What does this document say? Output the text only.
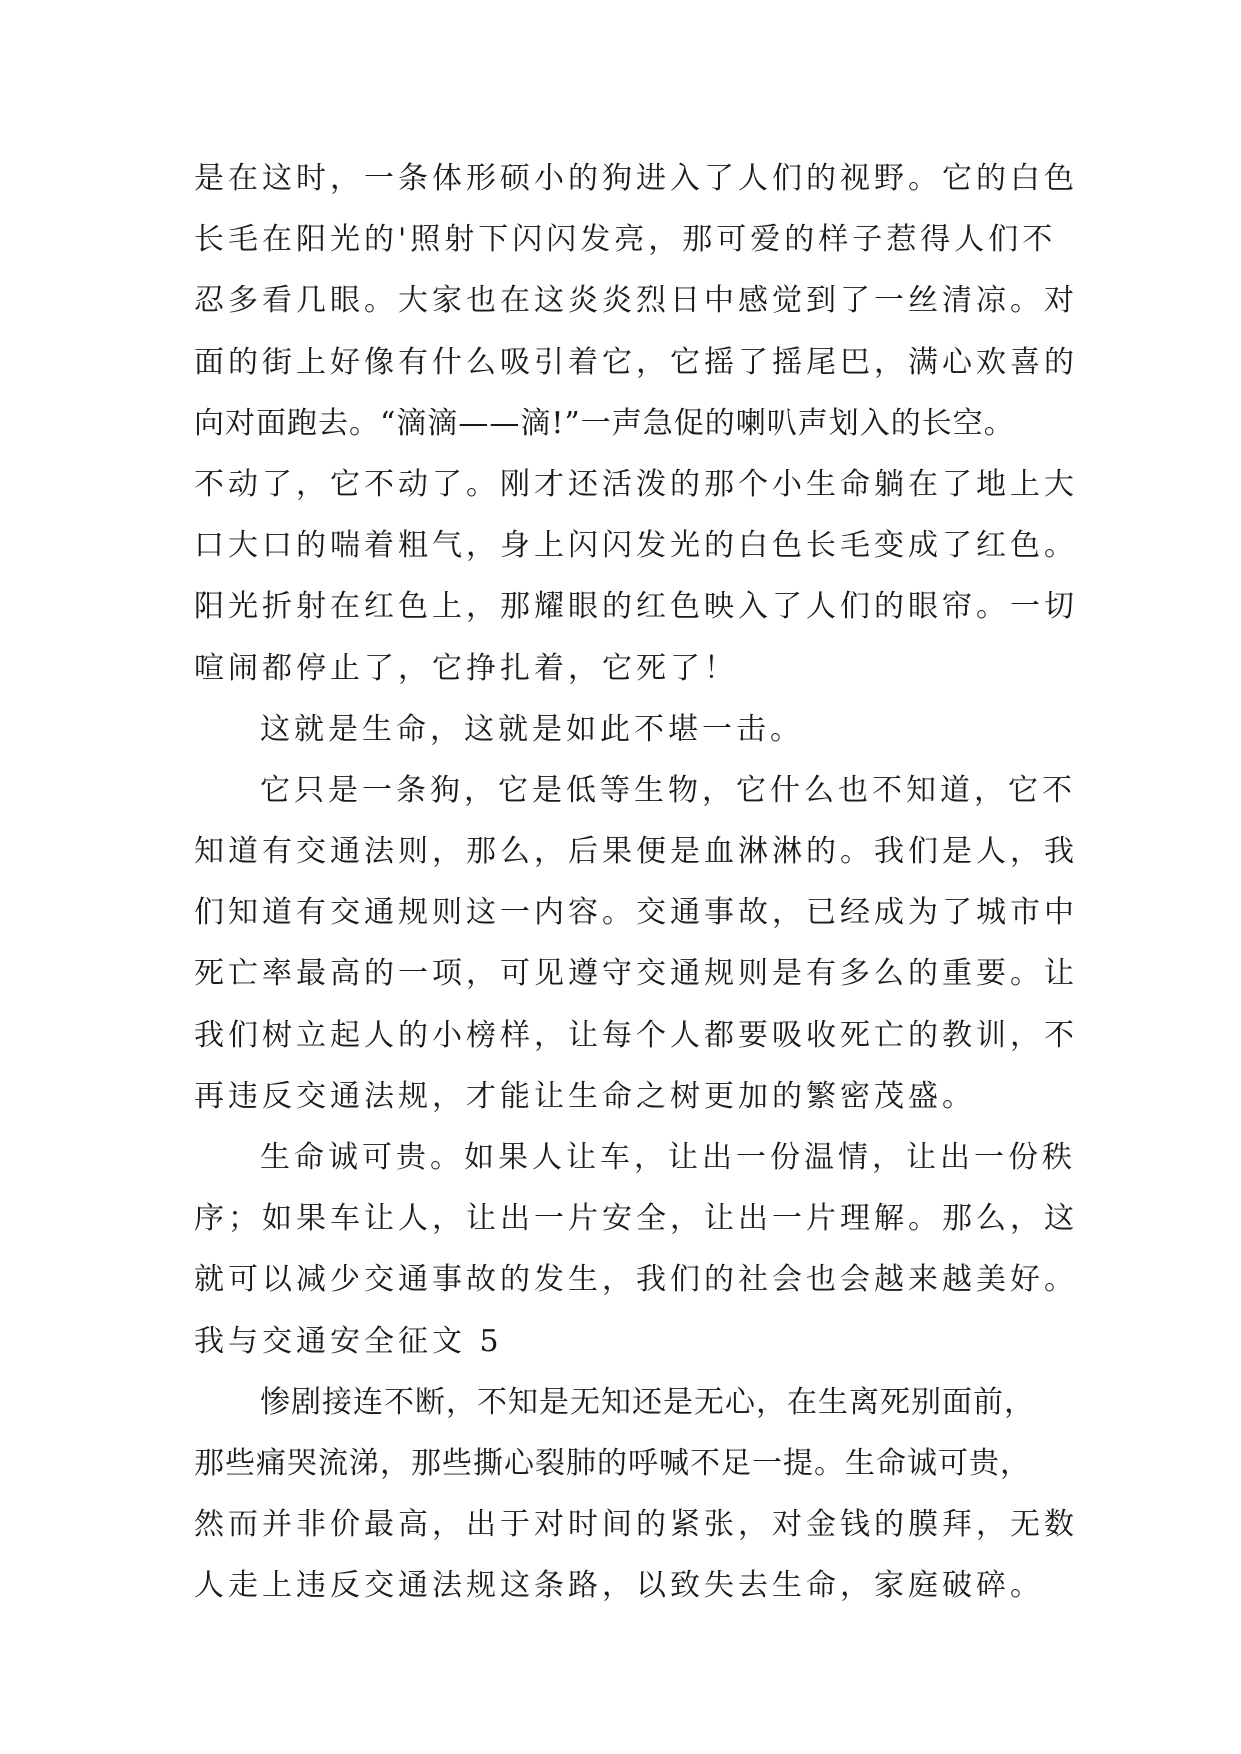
是在这时，一条体形硕小的狗进入了人们的视野。它的白色
长毛在阳光的'照射下闪闪发亮，那可爱的样子惹得人们不
忍多看几眼。大家也在这炎炎烈日中感觉到了一丝清凉。对
面的街上好像有什么吸引着它，它摇了摇尾巴，满心欢喜的
向对面跑去。“滴滴——滴!”一声急促的喇叭声划入的长空。
不动了，它不动了。刚才还活泼的那个小生命躺在了地上大
口大口的喘着粗气，身上闪闪发光的白色长毛变成了红色。
阳光折射在红色上，那耀眼的红色映入了人们的眼帘。一切
喧闹都停止了，它挣扎着，它死了！
这就是生命，这就是如此不堪一击。
它只是一条狗，它是低等生物，它什么也不知道，它不
知道有交通法则，那么，后果便是血淋淋的。我们是人，我
们知道有交通规则这一内容。交通事故，已经成为了城市中
死亡率最高的一项，可见遵守交通规则是有多么的重要。让
我们树立起人的小榜样，让每个人都要吸收死亡的教训，不
再违反交通法规，才能让生命之树更加的繁密茂盛。
生命诚可贵。如果人让车，让出一份温情，让出一份秩
序；如果车让人，让出一片安全，让出一片理解。那么，这
就可以减少交通事故的发生，我们的社会也会越来越美好。
我与交通安全征文 5
惨剧接连不断，不知是无知还是无心，在生离死别面前，
那些痛哭流涕，那些撕心裂肺的呼喊不足一提。生命诚可贵，
然而并非价最高，出于对时间的紧张，对金钱的膜拜，无数
人走上违反交通法规这条路，以致失去生命，家庭破碎。
